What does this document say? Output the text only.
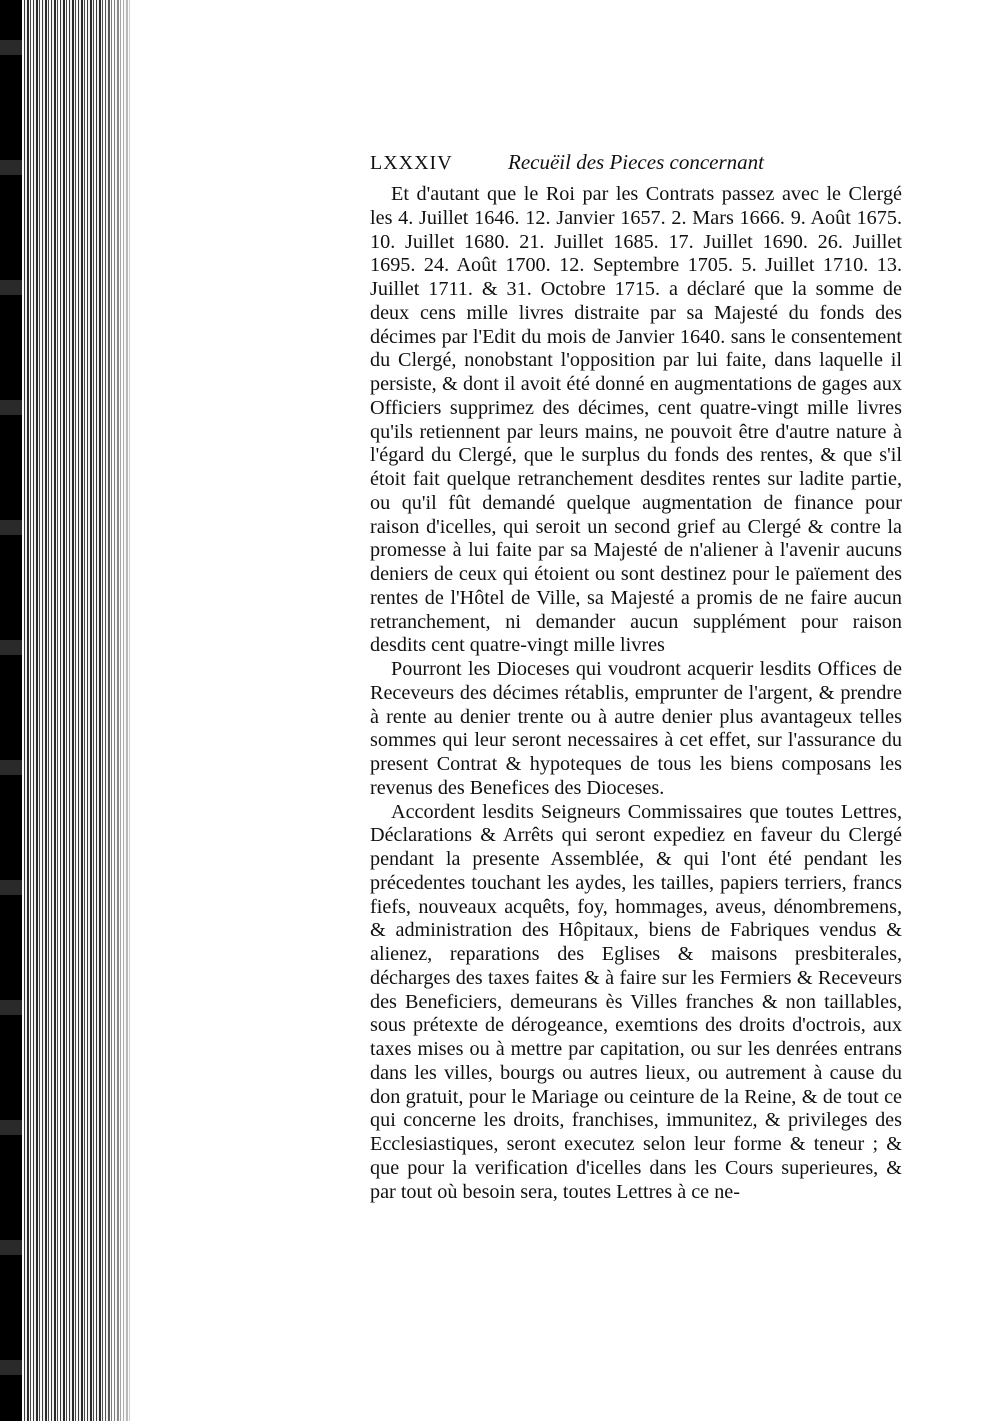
LXXXIV	Recuëil des Pieces concernant

Et d'autant que le Roi par les Contrats passez avec le Clergé les 4. Juillet 1646. 12. Janvier 1657. 2. Mars 1666. 9. Août 1675. 10. Juillet 1680. 21. Juillet 1685. 17. Juillet 1690. 26. Juillet 1695. 24. Août 1700. 12. Septembre 1705. 5. Juillet 1710. 13. Juillet 1711. & 31. Octobre 1715. a déclaré que la somme de deux cens mille livres distraite par sa Majesté du fonds des décimes par l'Edit du mois de Janvier 1640. sans le consentement du Clergé, nonobstant l'opposition par lui faite, dans laquelle il persiste, & dont il avoit été donné en augmentations de gages aux Officiers supprimez des décimes, cent quatre-vingt mille livres qu'ils retiennent par leurs mains, ne pouvoit être d'autre nature à l'égard du Clergé, que le surplus du fonds des rentes, & que s'il étoit fait quelque retranchement desdites rentes sur ladite partie, ou qu'il fût demandé quelque augmentation de finance pour raison d'icelles, qui seroit un second grief au Clergé & contre la promesse à lui faite par sa Majesté de n'aliener à l'avenir aucuns deniers de ceux qui étoient ou sont destinez pour le païement des rentes de l'Hôtel de Ville, sa Majesté a promis de ne faire aucun retranchement, ni demander aucun supplément pour raison desdits cent quatre-vingt mille livres

Pourront les Dioceses qui voudront acquerir lesdits Offices de Receveurs des décimes rétablis, emprunter de l'argent, & prendre à rente au denier trente ou à autre denier plus avantageux telles sommes qui leur seront necessaires à cet effet, sur l'assurance du present Contrat & hypoteques de tous les biens composans les revenus des Benefices des Dioceses.

Accordent lesdits Seigneurs Commissaires que toutes Lettres, Déclarations & Arrêts qui seront expediez en faveur du Clergé pendant la presente Assemblée, & qui l'ont été pendant les précedentes touchant les aydes, les tailles, papiers terriers, francs fiefs, nouveaux acquêts, foy, hommages, aveus, dénombremens, & administration des Hôpitaux, biens de Fabriques vendus & alienez, reparations des Eglises & maisons presbiterales, décharges des taxes faites & à faire sur les Fermiers & Receveurs des Beneficiers, demeurans ès Villes franches & non taillables, sous prétexte de dérogeance, exemtions des droits d'octrois, aux taxes mises ou à mettre par capitation, ou sur les denrées entrans dans les villes, bourgs ou autres lieux, ou autrement à cause du don gratuit, pour le Mariage ou ceinture de la Reine, & de tout ce qui concerne les droits, franchises, immunitez, & privileges des Ecclesiastiques, seront executez selon leur forme & teneur ; & que pour la verification d'icelles dans les Cours superieures, & par tout où besoin sera, toutes Lettres à ce ne-
